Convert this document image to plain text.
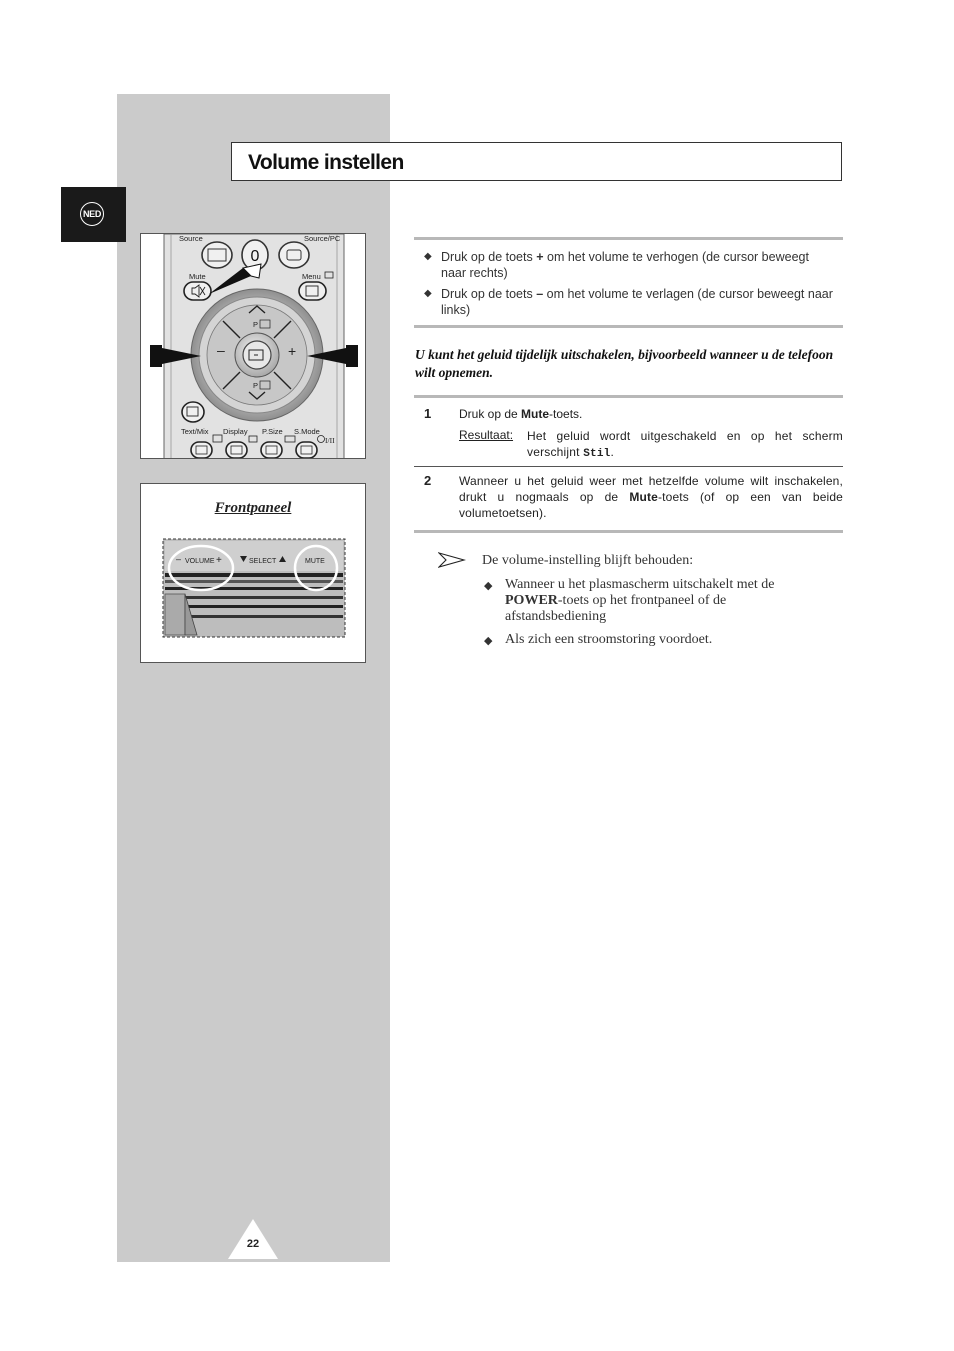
NED
Volume instellen
Source	Source/PC
0
Mute	Menu
P
P
–	+
Text/Mix Display P.Size S.Mode
I/II
Frontpaneel
– VOLUME +	SELECT	MUTE
◆ Druk op de toets + om het volume te verhogen (de cursor beweegt naar rechts)
◆ Druk op de toets – om het volume te verlagen (de cursor beweegt naar links)
U kunt het geluid tijdelijk uitschakelen, bijvoorbeeld wanneer u de telefoon wilt opnemen.
1 Druk op de Mute-toets.
Resultaat: Het geluid wordt uitgeschakeld en op het scherm verschijnt Stil.
2 Wanneer u het geluid weer met hetzelfde volume wilt inschakelen, drukt u nogmaals op de Mute-toets (of op een van beide volumetoetsen).
De volume-instelling blijft behouden:
◆ Wanneer u het plasmascherm uitschakelt met de POWER-toets op het frontpaneel of de afstandsbediening
◆ Als zich een stroomstoring voordoet.
22
